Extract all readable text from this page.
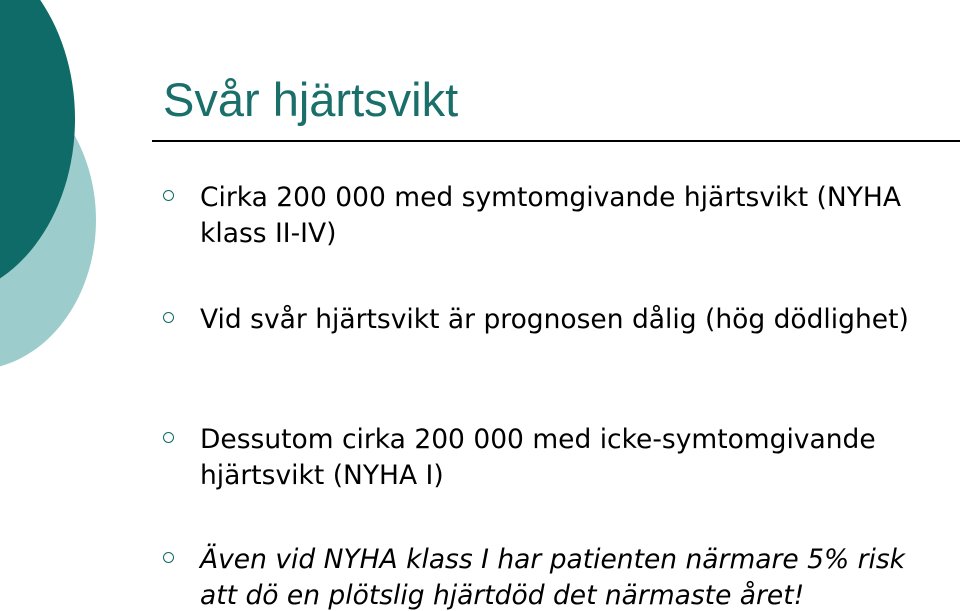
Svår hjärtsvikt
Cirka 200 000 med symtomgivande hjärtsvikt (NYHA klass II-IV)
Vid svår hjärtsvikt är prognosen dålig (hög dödlighet)
Dessutom cirka 200 000 med icke-symtomgivande hjärtsvikt (NYHA I)
Även vid NYHA klass I har patienten närmare 5% risk att dö en plötslig hjärtdöd det närmaste året!
